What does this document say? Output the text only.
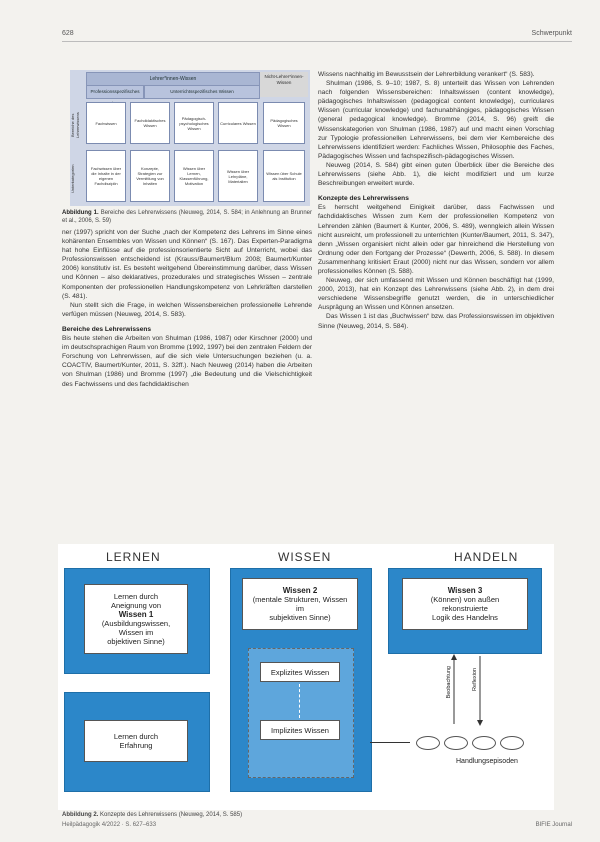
628	Schwerpunkt
Lehrer*innen-Wissen	Nicht-Lehrer*innen-Wissen
Professionsspezifisches	Unterrichtsspezifisches Wissen
Bereiche des Lehrerwissens
Unterkategorien
Fachwissen	Fachdidaktisches Wissen
Pädagogisch-psychologisches Wissen
Curriculares Wissen	Pädagogisches Wissen
Fachwissen über die Inhalte in der eigenen Fachdisziplin
Konzepte, Strategien zur Vermittlung von Inhalten
Wissen über Lernen, Klassenführung, Motivation
Wissen über Lehrpläne, Materialien
Wissen über Schule als Institution
Abbildung 1. Bereiche des Lehrerwissens (Neuweg, 2014, S. 584; in Anlehnung an Brunner et al., 2006, S. 59)

ner (1997) spricht von der Suche „nach der Kompetenz des Lehrens im Sinne eines kohärenten Ensembles von Wissen und Können“ (S. 167). Das Experten-Paradigma hat hohe Einflüsse auf die professionsorientierte Sicht auf Unterricht, wobei das Professionswissen entscheidend ist (Krauss/Baumert/Blum 2008; Baumert/Kunter 2006) konstitutiv ist. Es besteht weitgehend Übereinstimmung darüber, dass Wissen und Können – also deklaratives, prozedurales und strategisches Wissen – zentrale Komponenten der professionellen Handlungskompetenz von Lehrkräften darstellen (S. 481).

Nun stellt sich die Frage, in welchen Wissensbereichen professionelle Lehrende verfügen müssen (Neuweg, 2014, S. 583).

Bereiche des Lehrerwissens

Bis heute stehen die Arbeiten von Shulman (1986, 1987) oder Kirschner (2000) und im deutschsprachigen Raum von Bromme (1992, 1997) bei den zentralen Feldern der Forschung von Lehrerwissen, auf die sich viele Untersuchungen beziehen (u. a. COACTIV, Baumert/Kunter, 2011, S. 32ff.). Nach Neuweg (2014) haben die Arbeiten von Shulman (1986) und Bromme (1997) „die Bedeutung und die Vielschichtigkeit des Fachwissens und des fachdidaktischen

Wissens nachhaltig im Bewusstsein der Lehrerbildung verankert“ (S. 583).

Shulman (1986, S. 9–10; 1987, S. 8) unterteilt das Wissen von Lehrenden nach folgenden Wissensbereichen: Inhaltswissen (content knowledge), pädagogisches Inhaltswissen (pedagogical content knowledge), curriculares Wissen (curricular knowledge) und fachunabhängiges, pädagogisches Wissen (general pedagogical knowledge). Bromme (2014, S. 96) greift die Wissenskategorien von Shulman (1986, 1987) auf und macht einen Vorschlag zur Typologie professionellen Lehrerwissens, bei dem vier Kernbereiche des Lehrerwissens identifiziert werden: Fachliches Wissen, Philosophie des Faches, Pädagogisches Wissen und fachspezifisch-pädagogisches Wissen.

Neuweg (2014, S. 584) gibt einen guten Überblick über die Bereiche des Lehrerwissens (siehe Abb. 1), die leicht modifiziert und um kurze Beschreibungen erweitert wurde.

Konzepte des Lehrerwissens

Es herrscht weitgehend Einigkeit darüber, dass Fachwissen und fachdidaktisches Wissen zum Kern der professionellen Kompetenz von Lehrenden zählen (Baumert & Kunter, 2006, S. 489), wenngleich allein Wissen nicht ausreicht, um professionell zu unterrichten (Kunter/Baumert, 2011, S. 347), denn „Wissen organisiert nicht allein oder gar hinreichend die Herstellung von Ordnung oder den Fortgang der Prozesse“ (Dewerth, 2006, S. 588). In diesem Zusammenhang kritisiert Eraut (2000) nicht nur das Wissen, sondern vor allem professionelles Können (S. 588).

Neuweg, der sich umfassend mit Wissen und Können beschäftigt hat (1999, 2000, 2013), hat ein Konzept des Lehrerwissens (siehe Abb. 2), in dem drei verschiedene Wissensbegriffe genutzt werden, die in unterschiedlicher Ausprägung an Wissen und Können ansetzen.

Das Wissen 1 ist das „Buchwissen“ bzw. das Professionswissen im objektiven Sinne (Neuweg, 2014, S. 584).

LERNEN	WISSEN	HANDELN
Lernen durch
Aneignung von
Wissen 1
(Ausbildungswissen,
Wissen im
objektiven Sinne)
Lernen durch
Erfahrung
Wissen 2
(mentale Strukturen, Wissen
im
subjektiven Sinne)
Explizites Wissen
Implizites Wissen
Wissen 3
(Können) von außen
rekonstruierte
Logik des Handelns
Beobachtung	Reflexion
Handlungsepisoden
Abbildung 2. Konzepte des Lehrerwissens (Neuweg, 2014, S. 585)
Heilpädagogik 4/2022 · S. 627–633	BIFIE Journal
